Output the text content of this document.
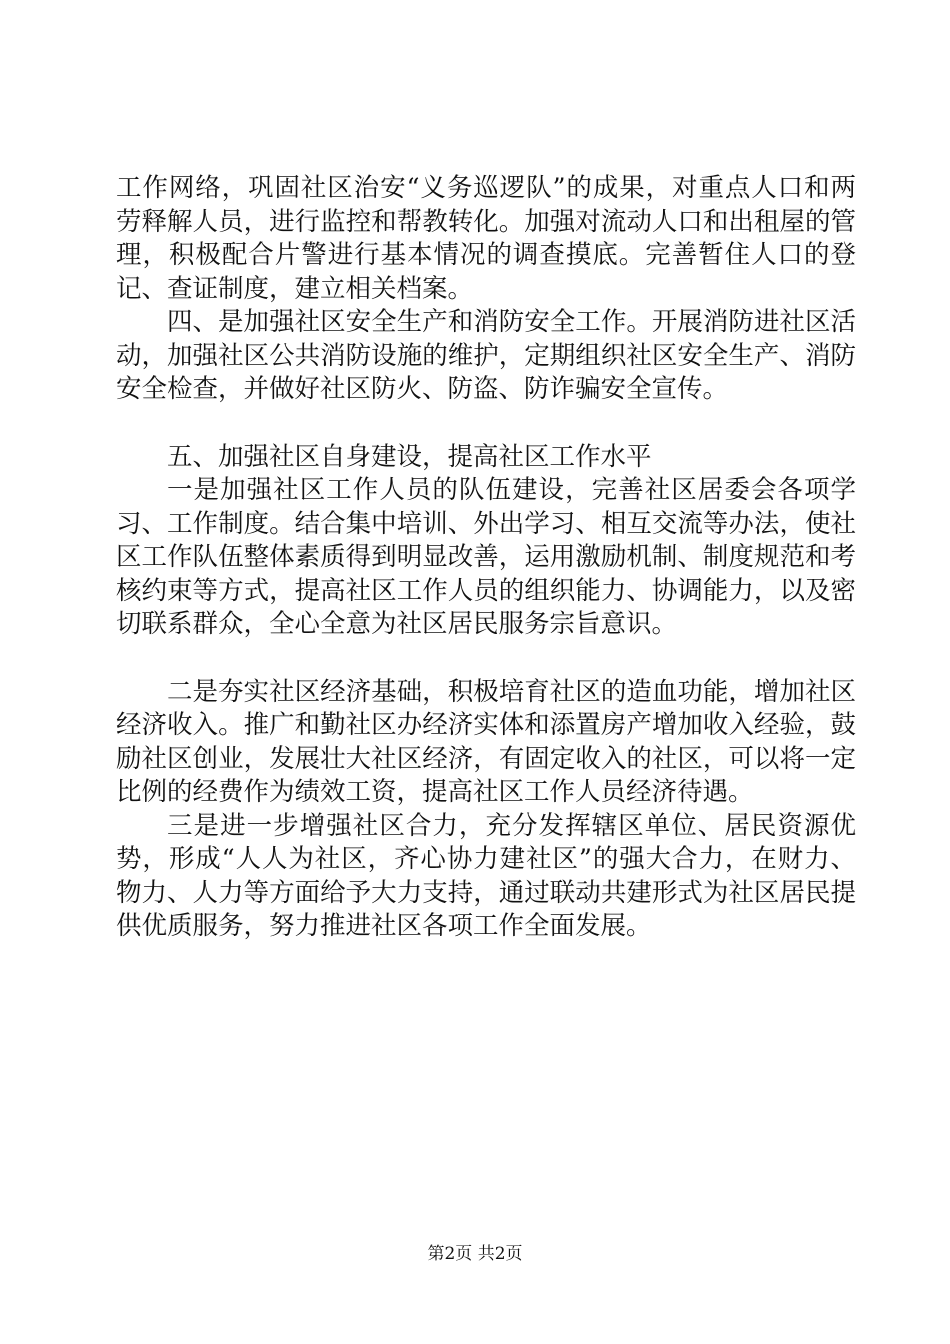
工作网络，巩固社区治安“义务巡逻队”的成果，对重点人口和两劳释解人员，进行监控和帮教转化。加强对流动人口和出租屋的管理，积极配合片警进行基本情况的调查摸底。完善暂住人口的登记、查证制度，建立相关档案。

四、是加强社区安全生产和消防安全工作。开展消防进社区活动，加强社区公共消防设施的维护，定期组织社区安全生产、消防安全检查，并做好社区防火、防盗、防诈骗安全宣传。

五、加强社区自身建设，提高社区工作水平

一是加强社区工作人员的队伍建设，完善社区居委会各项学习、工作制度。结合集中培训、外出学习、相互交流等办法，使社区工作队伍整体素质得到明显改善，运用激励机制、制度规范和考核约束等方式，提高社区工作人员的组织能力、协调能力，以及密切联系群众，全心全意为社区居民服务宗旨意识。

二是夯实社区经济基础，积极培育社区的造血功能，增加社区经济收入。推广和勤社区办经济实体和添置房产增加收入经验，鼓励社区创业，发展壮大社区经济，有固定收入的社区，可以将一定比例的经费作为绩效工资，提高社区工作人员经济待遇。

三是进一步增强社区合力，充分发挥辖区单位、居民资源优势，形成“人人为社区，齐心协力建社区”的强大合力，在财力、物力、人力等方面给予大力支持，通过联动共建形式为社区居民提供优质服务，努力推进社区各项工作全面发展。

第2页 共2页
